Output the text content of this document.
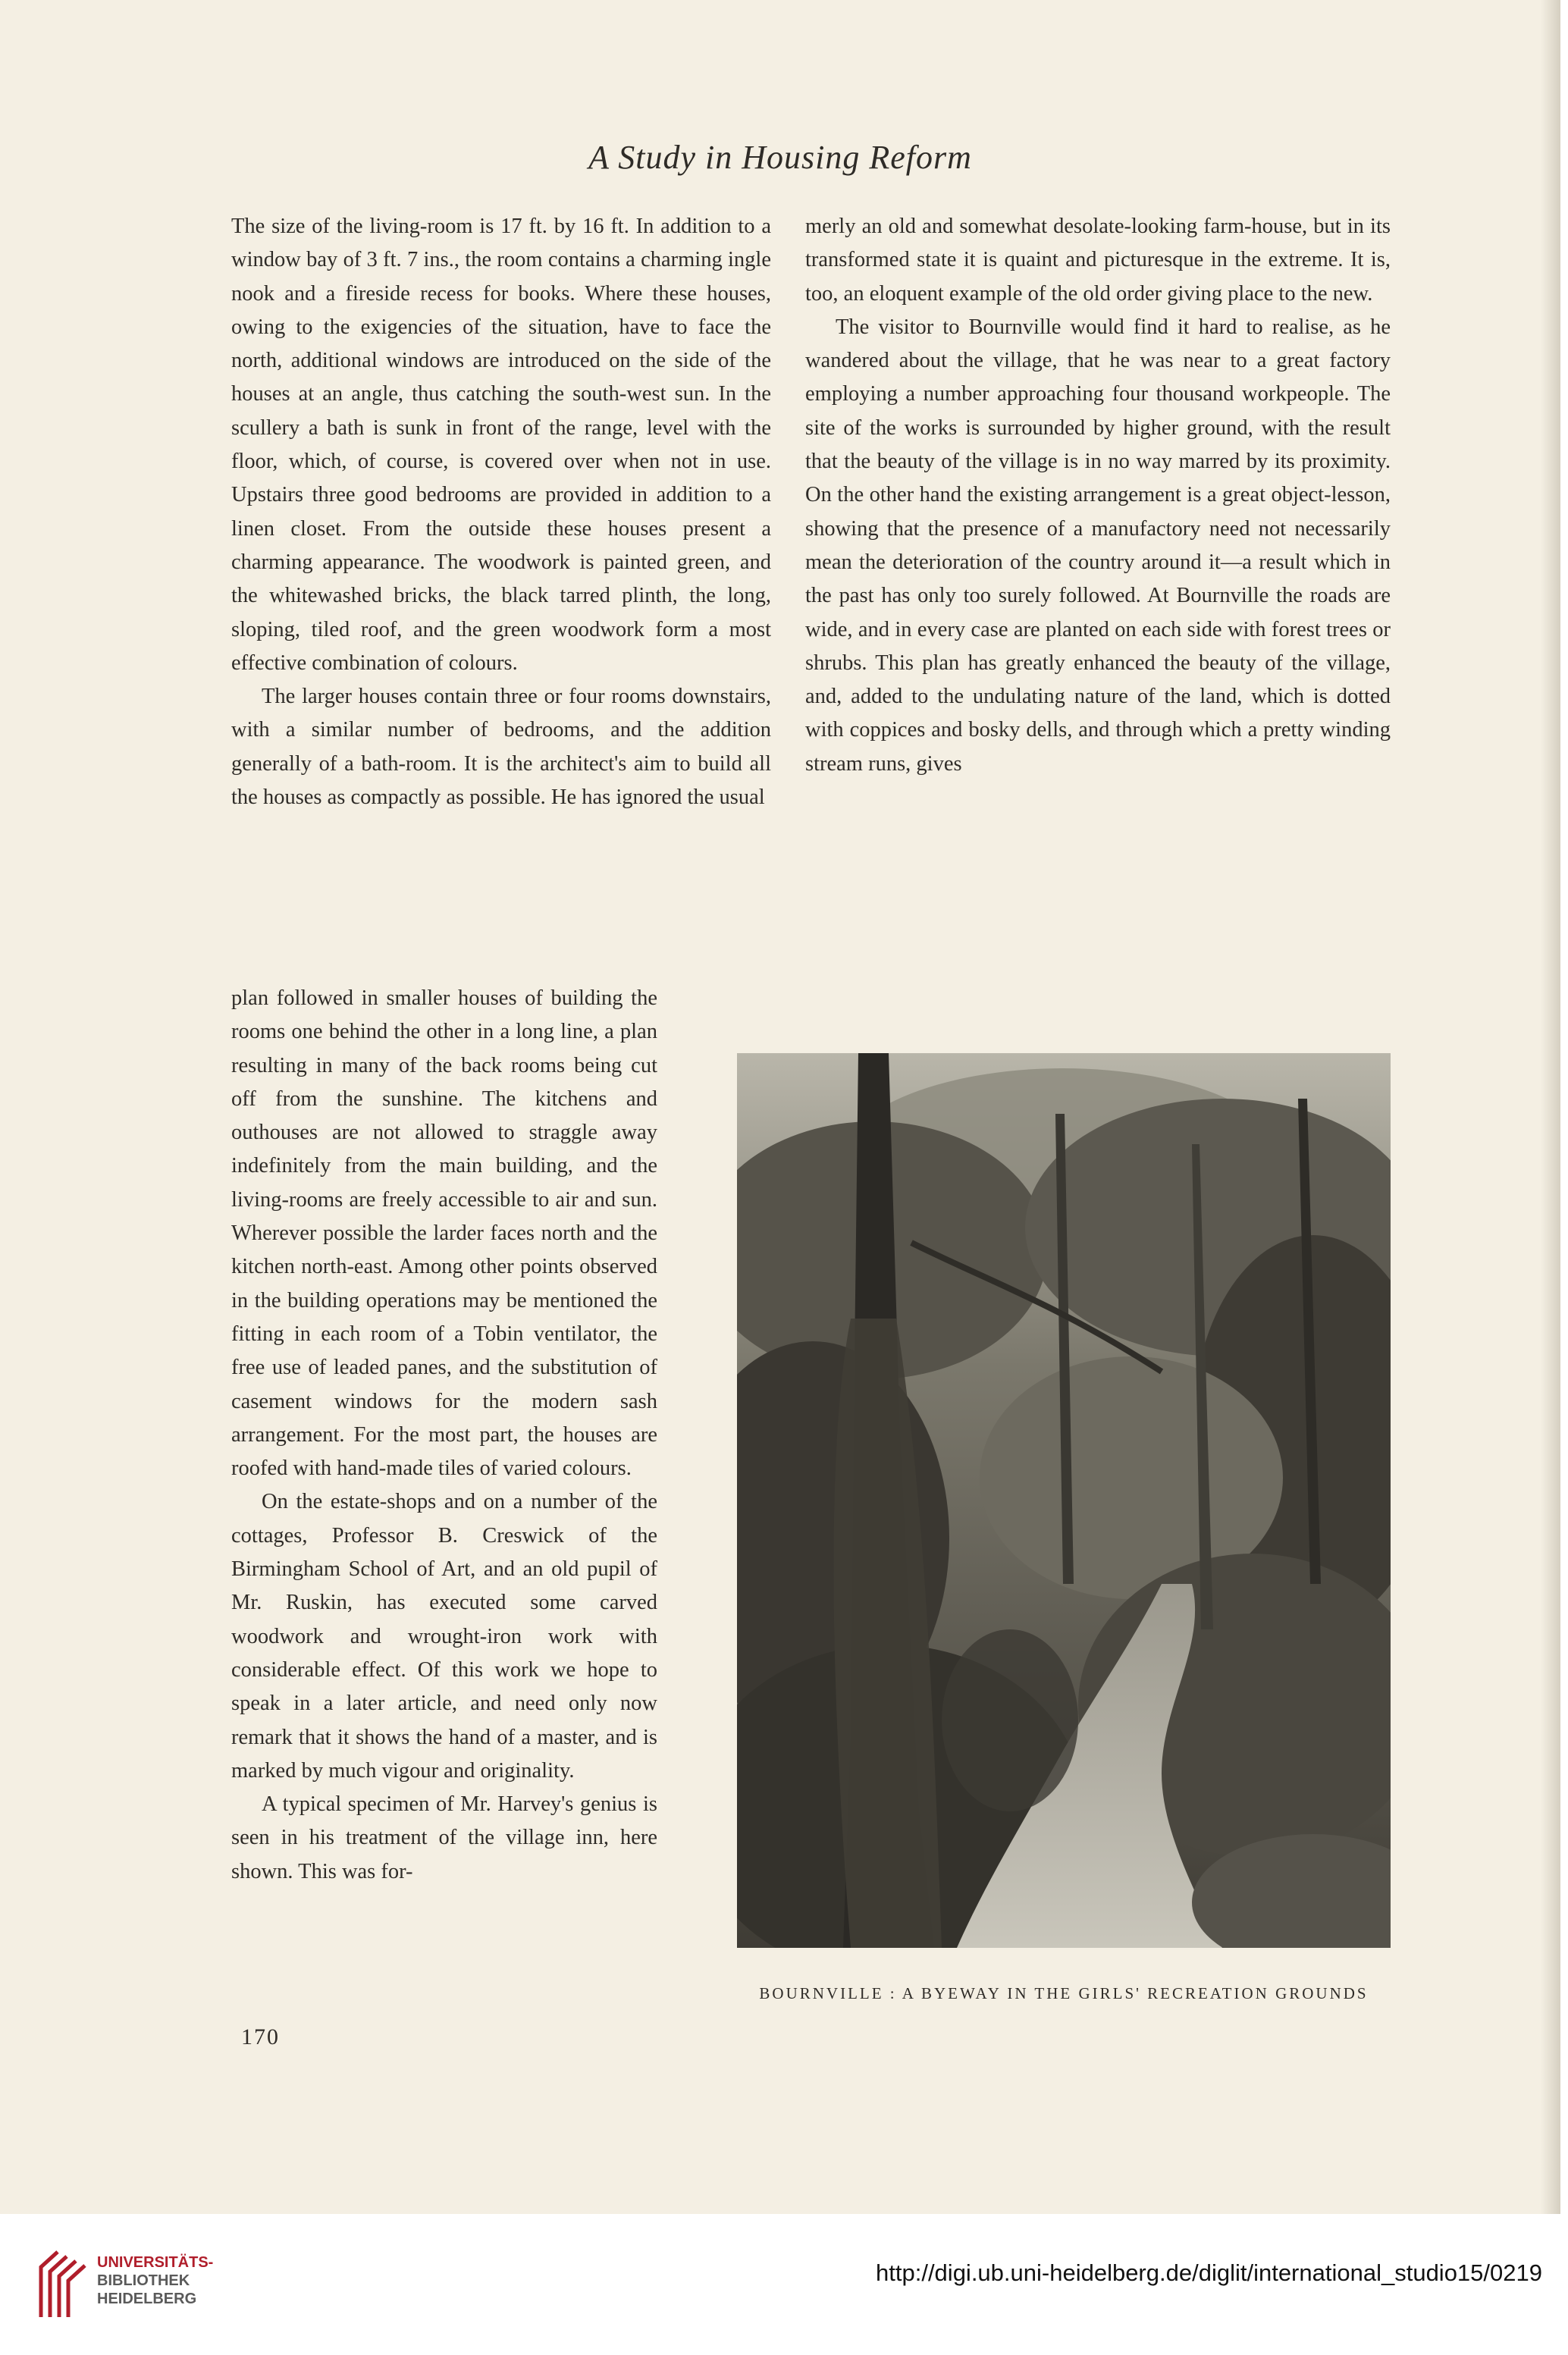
A Study in Housing Reform

The size of the living-room is 17 ft. by 16 ft. In addition to a window bay of 3 ft. 7 ins., the room contains a charming ingle nook and a fireside recess for books. Where these houses, owing to the exigencies of the situation, have to face the north, additional windows are introduced on the side of the houses at an angle, thus catching the south-west sun. In the scullery a bath is sunk in front of the range, level with the floor, which, of course, is covered over when not in use. Upstairs three good bedrooms are provided in addition to a linen closet. From the outside these houses present a charming appearance. The woodwork is painted green, and the whitewashed bricks, the black tarred plinth, the long, sloping, tiled roof, and the green woodwork form a most effective combination of colours.

The larger houses contain three or four rooms downstairs, with a similar number of bedrooms, and the addition generally of a bath-room. It is the architect's aim to build all the houses as compactly as possible. He has ignored the usual

plan followed in smaller houses of building the rooms one behind the other in a long line, a plan resulting in many of the back rooms being cut off from the sunshine. The kitchens and outhouses are not allowed to straggle away indefinitely from the main building, and the living-rooms are freely accessible to air and sun. Wherever possible the larder faces north and the kitchen north-east. Among other points observed in the building operations may be mentioned the fitting in each room of a Tobin ventilator, the free use of leaded panes, and the substitution of casement windows for the modern sash arrangement. For the most part, the houses are roofed with hand-made tiles of varied colours.

On the estate-shops and on a number of the cottages, Professor B. Creswick of the Birmingham School of Art, and an old pupil of Mr. Ruskin, has executed some carved woodwork and wrought-iron work with considerable effect. Of this work we hope to speak in a later article, and need only now remark that it shows the hand of a master, and is marked by much vigour and originality.

A typical specimen of Mr. Harvey's genius is seen in his treatment of the village inn, here shown. This was for-

merly an old and somewhat desolate-looking farm-house, but in its transformed state it is quaint and picturesque in the extreme. It is, too, an eloquent example of the old order giving place to the new.

The visitor to Bournville would find it hard to realise, as he wandered about the village, that he was near to a great factory employing a number approaching four thousand workpeople. The site of the works is surrounded by higher ground, with the result that the beauty of the village is in no way marred by its proximity. On the other hand the existing arrangement is a great object-lesson, showing that the presence of a manufactory need not necessarily mean the deterioration of the country around it—a result which in the past has only too surely followed. At Bournville the roads are wide, and in every case are planted on each side with forest trees or shrubs. This plan has greatly enhanced the beauty of the village, and, added to the undulating nature of the land, which is dotted with coppices and bosky dells, and through which a pretty winding stream runs, gives

BOURNVILLE : A BYEWAY IN THE GIRLS' RECREATION GROUNDS

170

UNIVERSITÄTS-
BIBLIOTHEK
HEIDELBERG
http://digi.ub.uni-heidelberg.de/diglit/international_studio15/0219
